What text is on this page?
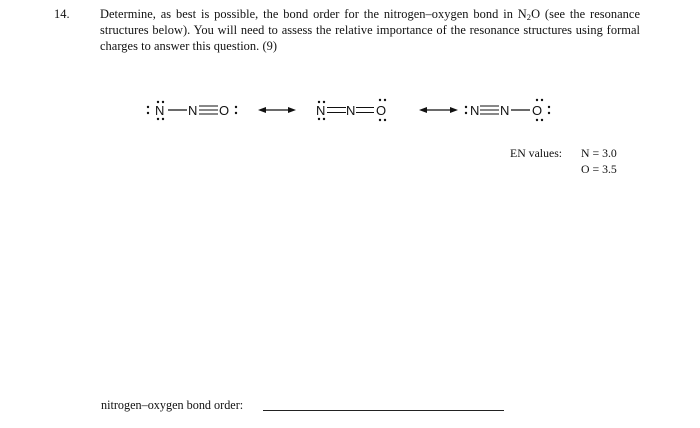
14. Determine, as best is possible, the bond order for the nitrogen–oxygen bond in $N_2O$ (see the resonance structures below). You will need to assess the relative importance of the resonance structures using formal charges to answer this question. (9)
N N O	N N O	N N O
EN values: N = 3.0
O = 3.5
nitrogen–oxygen bond order:
